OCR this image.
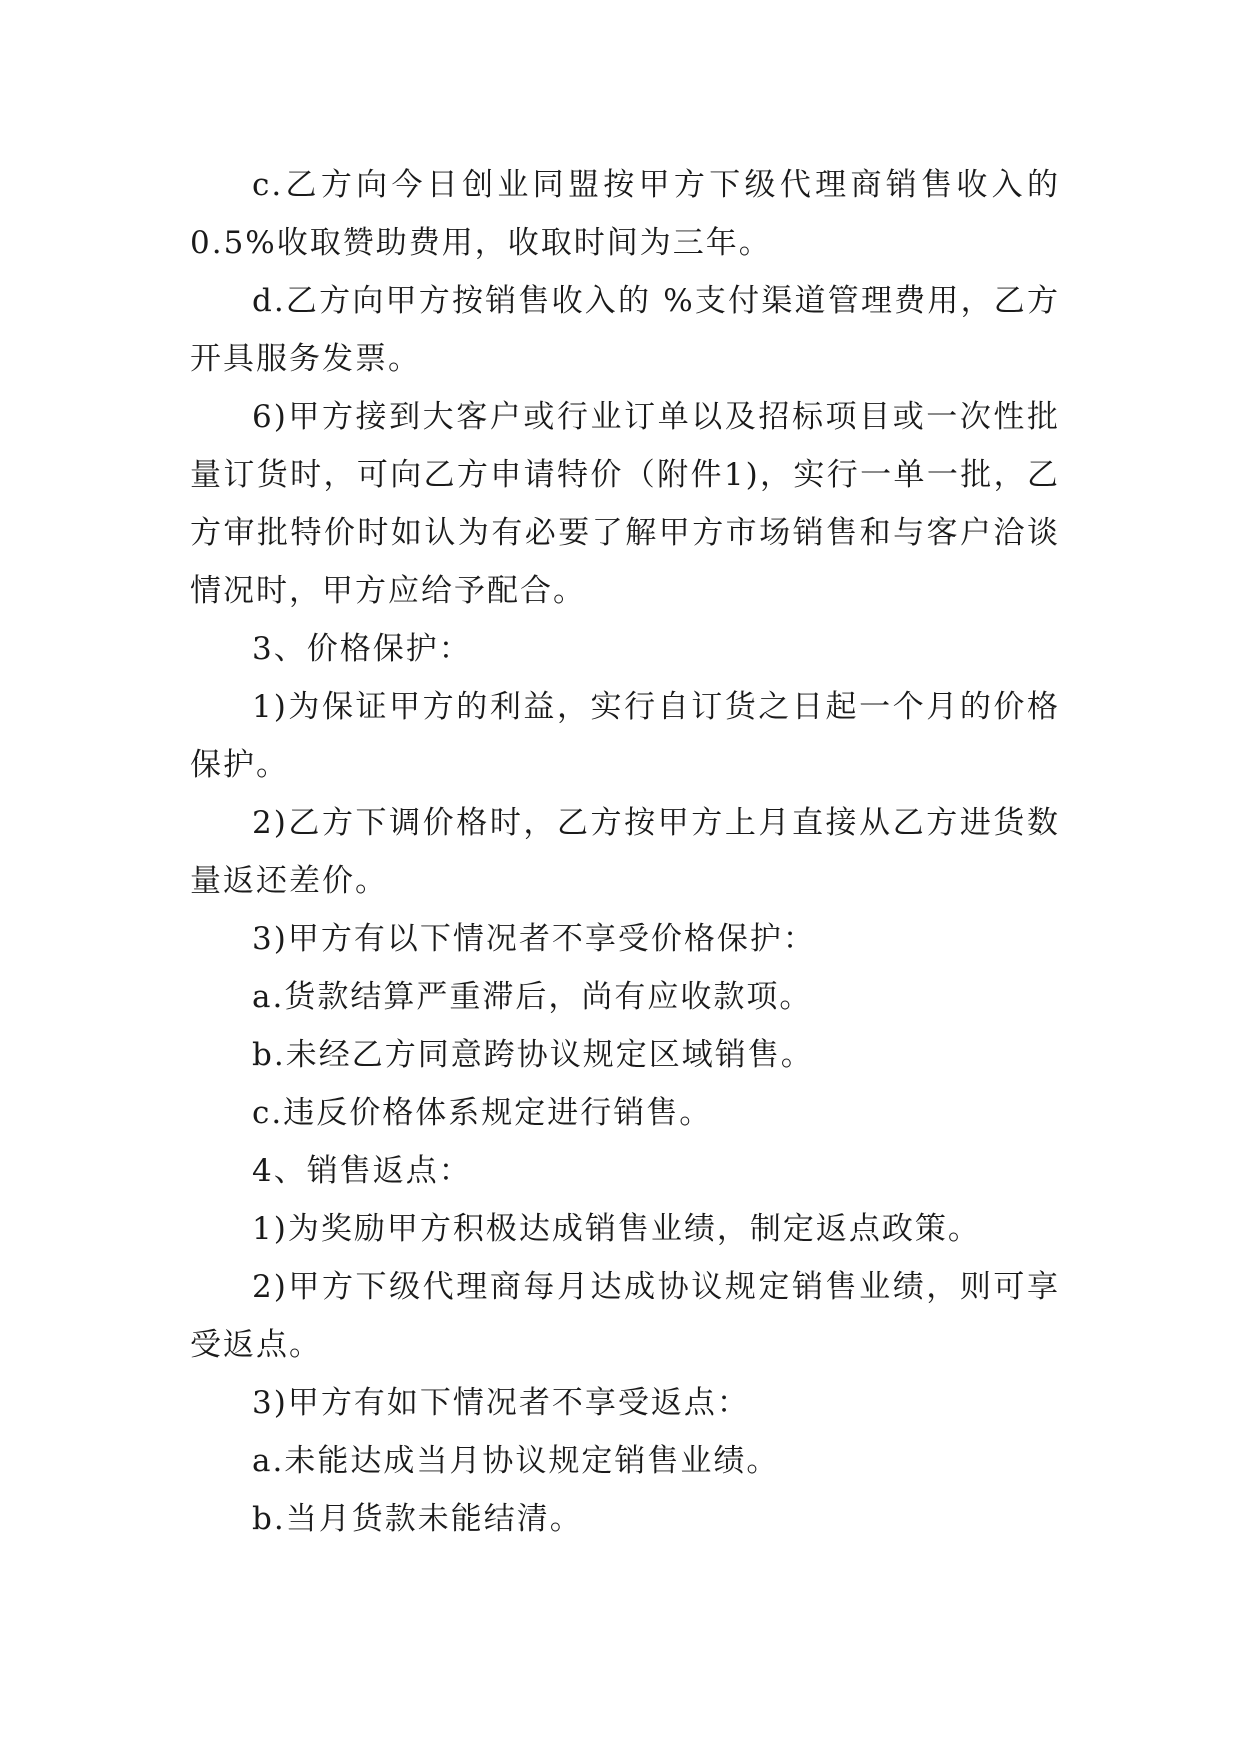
c.乙方向今日创业同盟按甲方下级代理商销售收入的0.5%收取赞助费用，收取时间为三年。

d.乙方向甲方按销售收入的 %支付渠道管理费用，乙方开具服务发票。

6)甲方接到大客户或行业订单以及招标项目或一次性批量订货时，可向乙方申请特价（附件1)，实行一单一批，乙方审批特价时如认为有必要了解甲方市场销售和与客户洽谈情况时，甲方应给予配合。

3、价格保护：

1)为保证甲方的利益，实行自订货之日起一个月的价格保护。

2)乙方下调价格时，乙方按甲方上月直接从乙方进货数量返还差价。

3)甲方有以下情况者不享受价格保护：

a.货款结算严重滞后，尚有应收款项。

b.未经乙方同意跨协议规定区域销售。

c.违反价格体系规定进行销售。

4、销售返点：

1)为奖励甲方积极达成销售业绩，制定返点政策。

2)甲方下级代理商每月达成协议规定销售业绩，则可享受返点。

3)甲方有如下情况者不享受返点：

a.未能达成当月协议规定销售业绩。

b.当月货款未能结清。
